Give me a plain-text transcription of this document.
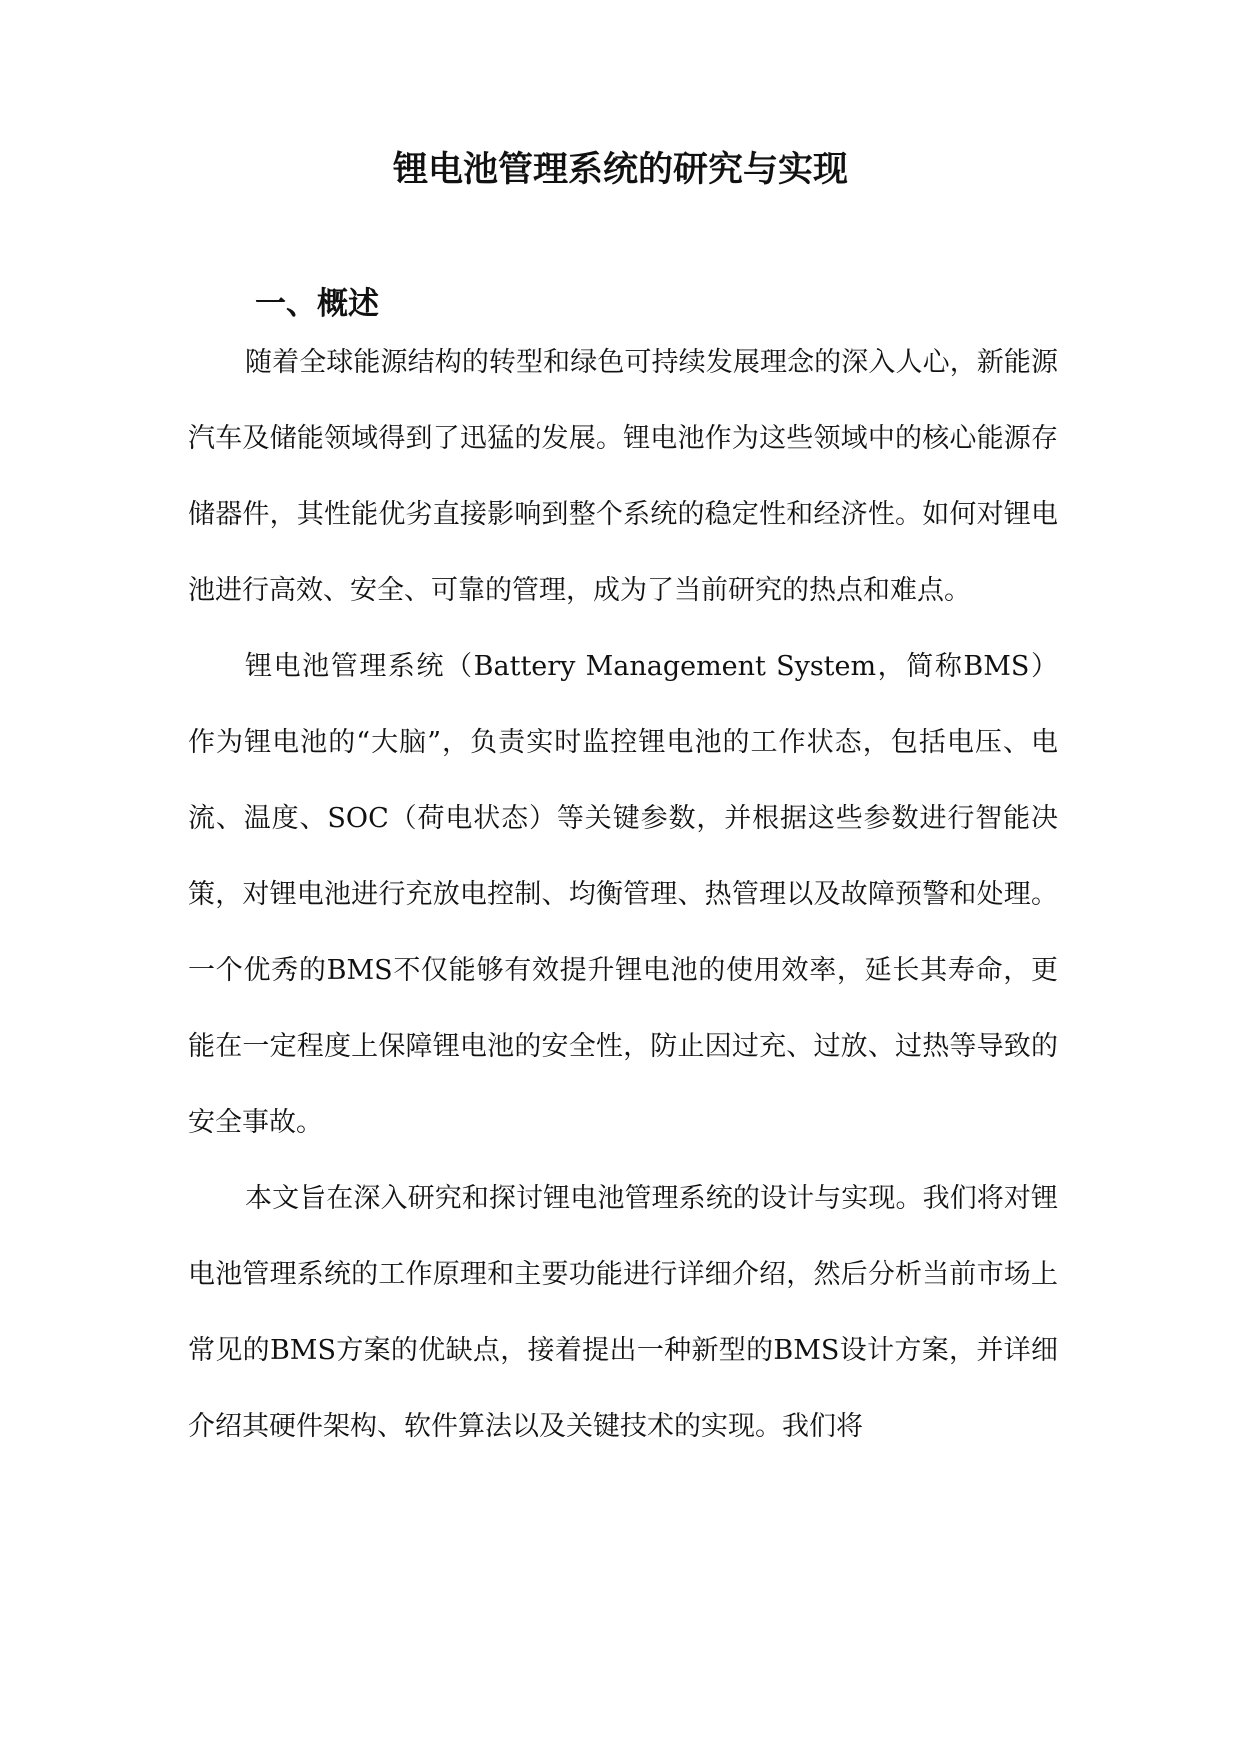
锂电池管理系统的研究与实现
一、概述

随着全球能源结构的转型和绿色可持续发展理念的深入人心，新能源汽车及储能领域得到了迅猛的发展。锂电池作为这些领域中的核心能源存储器件，其性能优劣直接影响到整个系统的稳定性和经济性。如何对锂电池进行高效、安全、可靠的管理，成为了当前研究的热点和难点。

锂电池管理系统（Battery Management System，简称BMS）作为锂电池的“大脑”，负责实时监控锂电池的工作状态，包括电压、电流、温度、SOC（荷电状态）等关键参数，并根据这些参数进行智能决策，对锂电池进行充放电控制、均衡管理、热管理以及故障预警和处理。一个优秀的BMS不仅能够有效提升锂电池的使用效率，延长其寿命，更能在一定程度上保障锂电池的安全性，防止因过充、过放、过热等导致的安全事故。

本文旨在深入研究和探讨锂电池管理系统的设计与实现。我们将对锂电池管理系统的工作原理和主要功能进行详细介绍，然后分析当前市场上常见的BMS方案的优缺点，接着提出一种新型的BMS设计方案，并详细介绍其硬件架构、软件算法以及关键技术的实现。我们将
